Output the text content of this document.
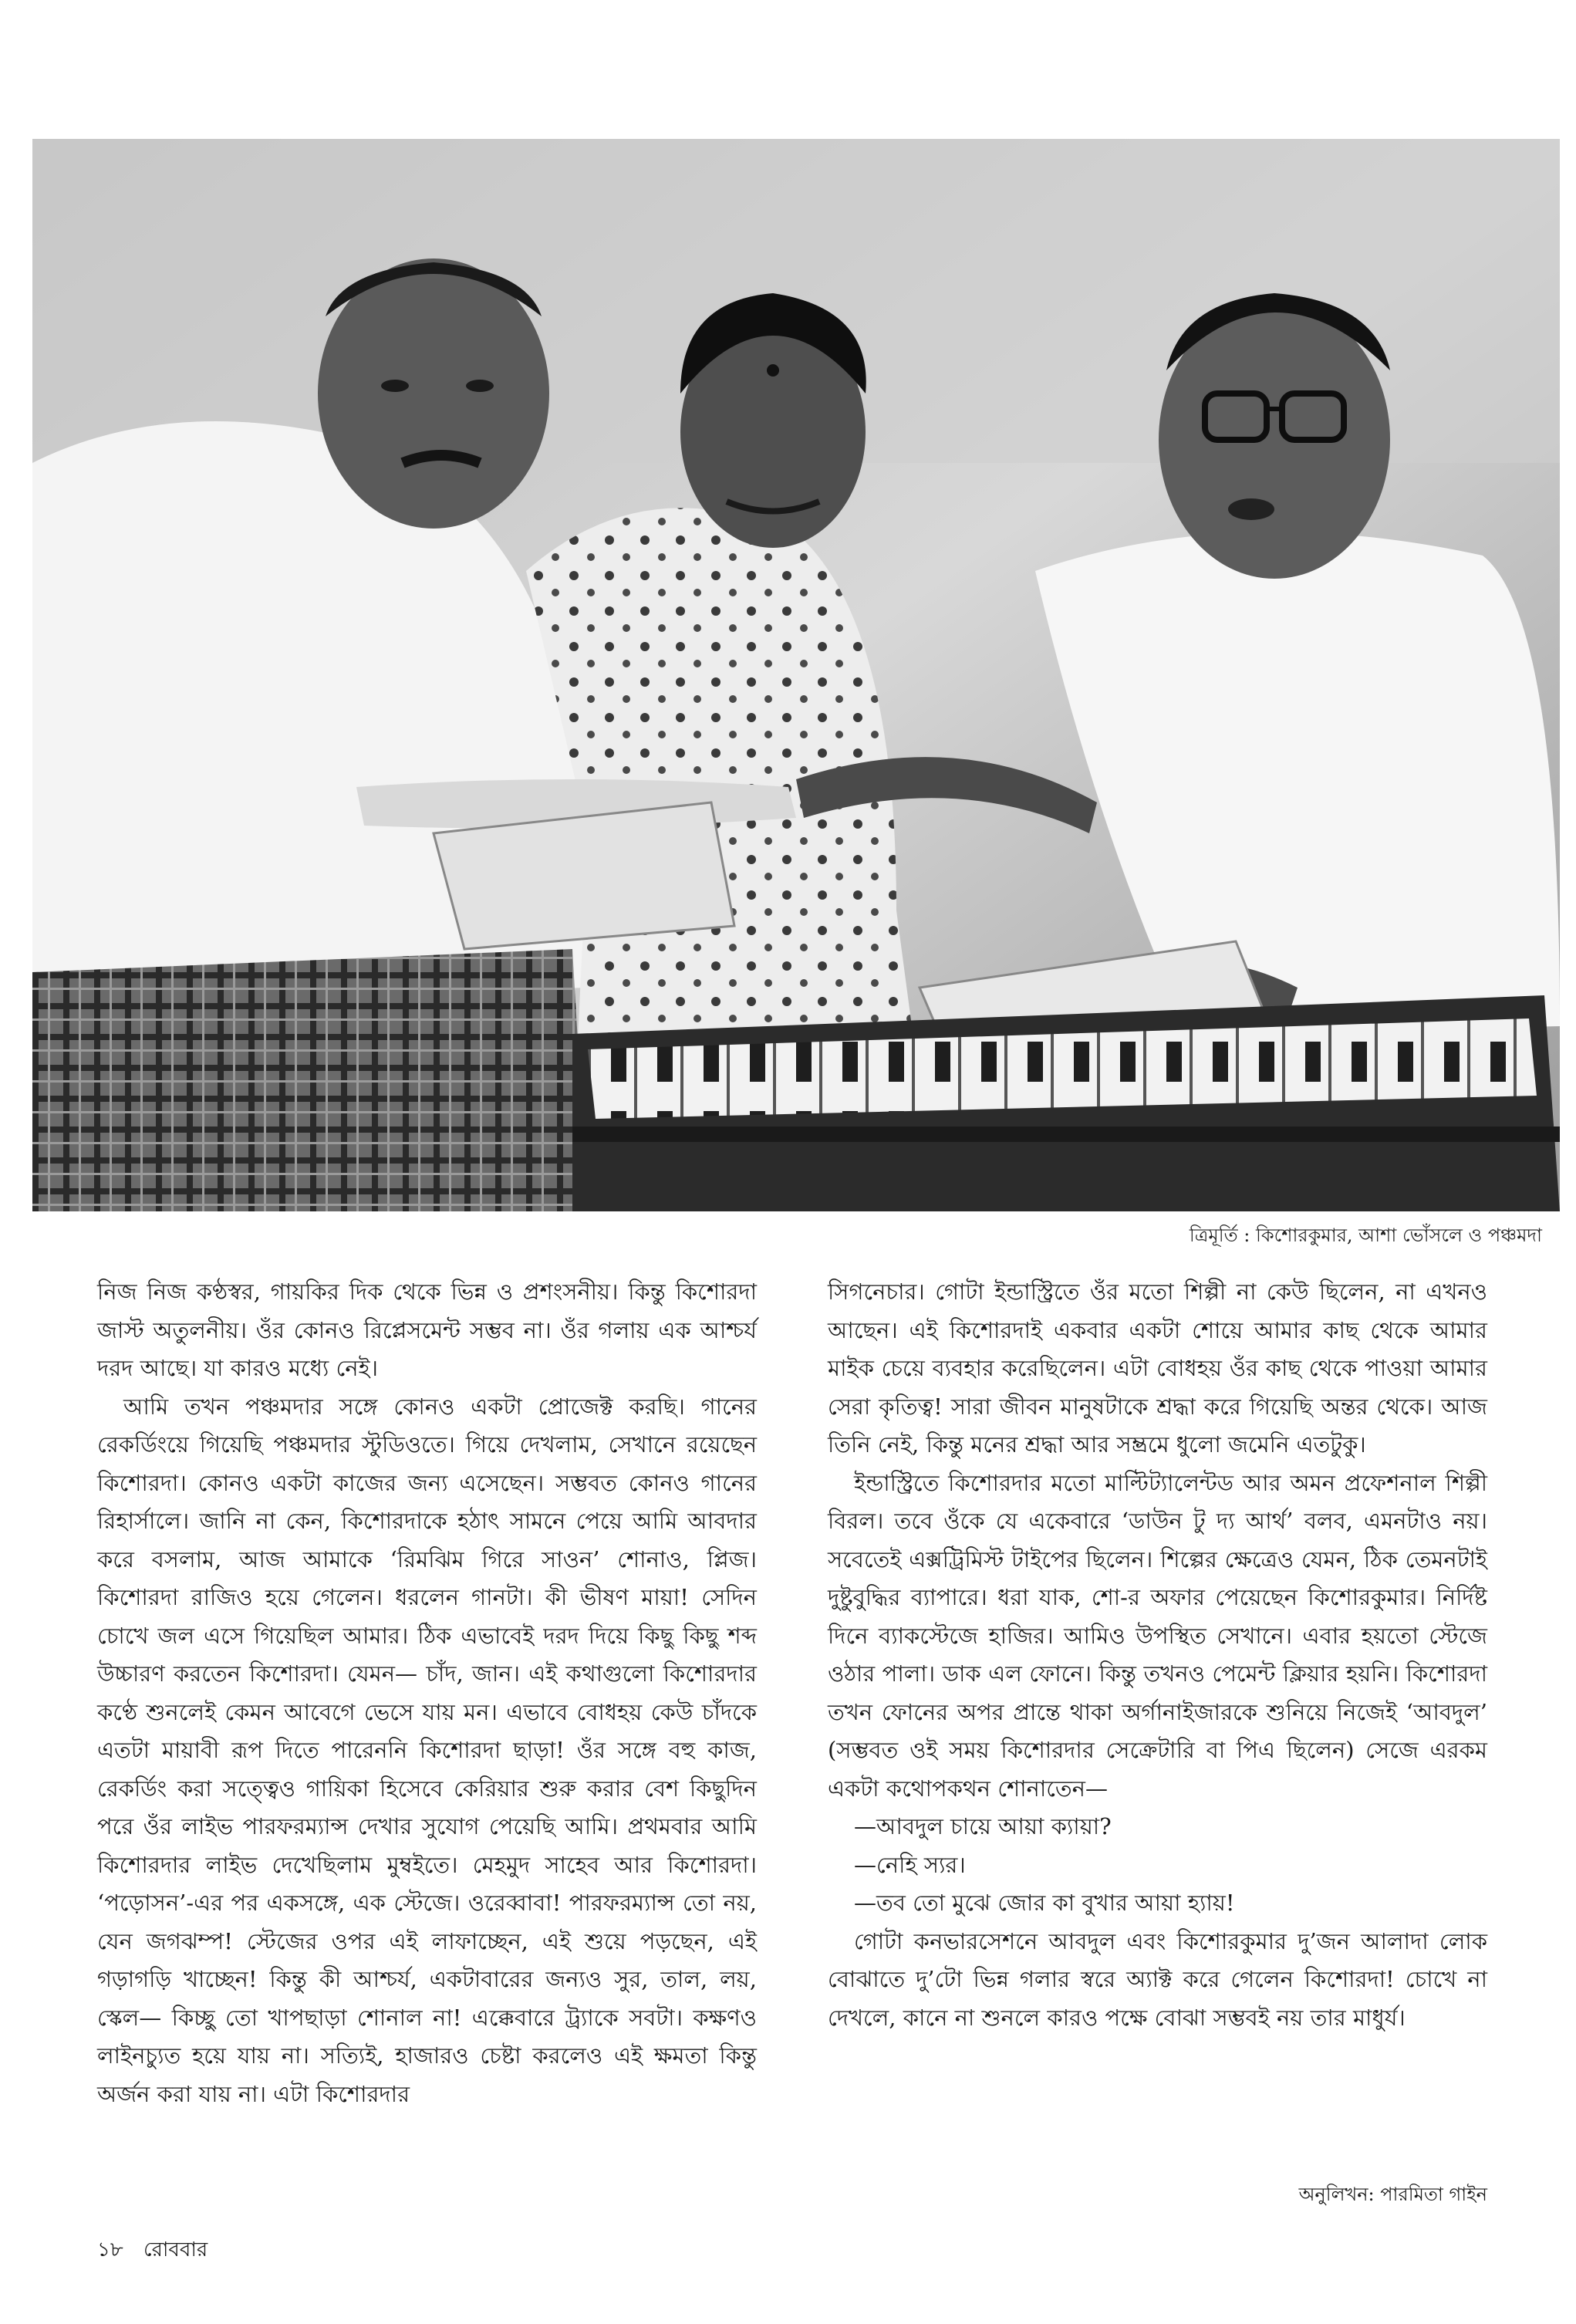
ত্রিমূর্তি : কিশোরকুমার, আশা ভোঁসলে ও পঞ্চমদা

নিজ নিজ কণ্ঠস্বর, গায়কির দিক থেকে ভিন্ন ও প্রশংসনীয়। কিন্তু কিশোরদা জাস্ট অতুলনীয়। ওঁর কোনও রিপ্লেসমেন্ট সম্ভব না। ওঁর গলায় এক আশ্চর্য দরদ আছে। যা কারও মধ্যে নেই।

আমি তখন পঞ্চমদার সঙ্গে কোনও একটা প্রোজেক্ট করছি। গানের রেকর্ডিংয়ে গিয়েছি পঞ্চমদার স্টুডিওতে। গিয়ে দেখলাম, সেখানে রয়েছেন কিশোরদা। কোনও একটা কাজের জন্য এসেছেন। সম্ভবত কোনও গানের রিহার্সালে। জানি না কেন, কিশোরদাকে হঠাৎ সামনে পেয়ে আমি আবদার করে বসলাম, আজ আমাকে ‘রিমঝিম গিরে সাওন’ শোনাও, প্লিজ। কিশোরদা রাজিও হয়ে গেলেন। ধরলেন গানটা। কী ভীষণ মায়া! সেদিন চোখে জল এসে গিয়েছিল আমার। ঠিক এভাবেই দরদ দিয়ে কিছু কিছু শব্দ উচ্চারণ করতেন কিশোরদা। যেমন— চাঁদ, জান। এই কথাগুলো কিশোরদার কণ্ঠে শুনলেই কেমন আবেগে ভেসে যায় মন। এভাবে বোধহয় কেউ চাঁদকে এতটা মায়াবী রূপ দিতে পারেননি কিশোরদা ছাড়া! ওঁর সঙ্গে বহু কাজ, রেকর্ডিং করা সত্ত্বেও গায়িকা হিসেবে কেরিয়ার শুরু করার বেশ কিছুদিন পরে ওঁর লাইভ পারফরম্যান্স দেখার সুযোগ পেয়েছি আমি। প্রথমবার আমি কিশোরদার লাইভ দেখেছিলাম মুম্বইতে। মেহমুদ সাহেব আর কিশোরদা। ‘পড়োসন’-এর পর একসঙ্গে, এক স্টেজে। ওরেব্বাবা! পারফরম্যান্স তো নয়, যেন জগঝম্প! স্টেজের ওপর এই লাফাচ্ছেন, এই শুয়ে পড়ছেন, এই গড়াগড়ি খাচ্ছেন! কিন্তু কী আশ্চর্য, একটাবারের জন্যও সুর, তাল, লয়, স্কেল— কিচ্ছু তো খাপছাড়া শোনাল না! এক্কেবারে ট্র্যাকে সবটা। কক্ষণও লাইনচ্যুত হয়ে যায় না। সত্যিই, হাজারও চেষ্টা করলেও এই ক্ষমতা কিন্তু অর্জন করা যায় না। এটা কিশোরদার

সিগনেচার। গোটা ইন্ডাস্ট্রিতে ওঁর মতো শিল্পী না কেউ ছিলেন, না এখনও আছেন। এই কিশোরদাই একবার একটা শোয়ে আমার কাছ থেকে আমার মাইক চেয়ে ব্যবহার করেছিলেন। এটা বোধহয় ওঁর কাছ থেকে পাওয়া আমার সেরা কৃতিত্ব! সারা জীবন মানুষটাকে শ্রদ্ধা করে গিয়েছি অন্তর থেকে। আজ তিনি নেই, কিন্তু মনের শ্রদ্ধা আর সম্ভ্রমে ধুলো জমেনি এতটুকু।

ইন্ডাস্ট্রিতে কিশোরদার মতো মাল্টিট্যালেন্টড আর অমন প্রফেশনাল শিল্পী বিরল। তবে ওঁকে যে একেবারে ‘ডাউন টু দ্য আর্থ’ বলব, এমনটাও নয়। সবেতেই এক্সট্রিমিস্ট টাইপের ছিলেন। শিল্পের ক্ষেত্রেও যেমন, ঠিক তেমনটাই দুষ্টুবুদ্ধির ব্যাপারে। ধরা যাক, শো-র অফার পেয়েছেন কিশোরকুমার। নির্দিষ্ট দিনে ব্যাকস্টেজে হাজির। আমিও উপস্থিত সেখানে। এবার হয়তো স্টেজে ওঠার পালা। ডাক এল ফোনে। কিন্তু তখনও পেমেন্ট ক্লিয়ার হয়নি। কিশোরদা তখন ফোনের অপর প্রান্তে থাকা অর্গানাইজারকে শুনিয়ে নিজেই ‘আবদুল’ (সম্ভবত ওই সময় কিশোরদার সেক্রেটারি বা পিএ ছিলেন) সেজে এরকম একটা কথোপকথন শোনাতেন—

—আবদুল চায়ে আয়া ক্যায়া?

—নেহি স্যর।

—তব তো মুঝে জোর কা বুখার আয়া হ্যায়!

গোটা কনভারসেশনে আবদুল এবং কিশোরকুমার দু’জন আলাদা লোক বোঝাতে দু’টো ভিন্ন গলার স্বরে অ্যাক্ট করে গেলেন কিশোরদা! চোখে না দেখলে, কানে না শুনলে কারও পক্ষে বোঝা সম্ভবই নয় তার মাধুর্য।

অনুলিখন: পারমিতা গাইন
১৮ রোববার
